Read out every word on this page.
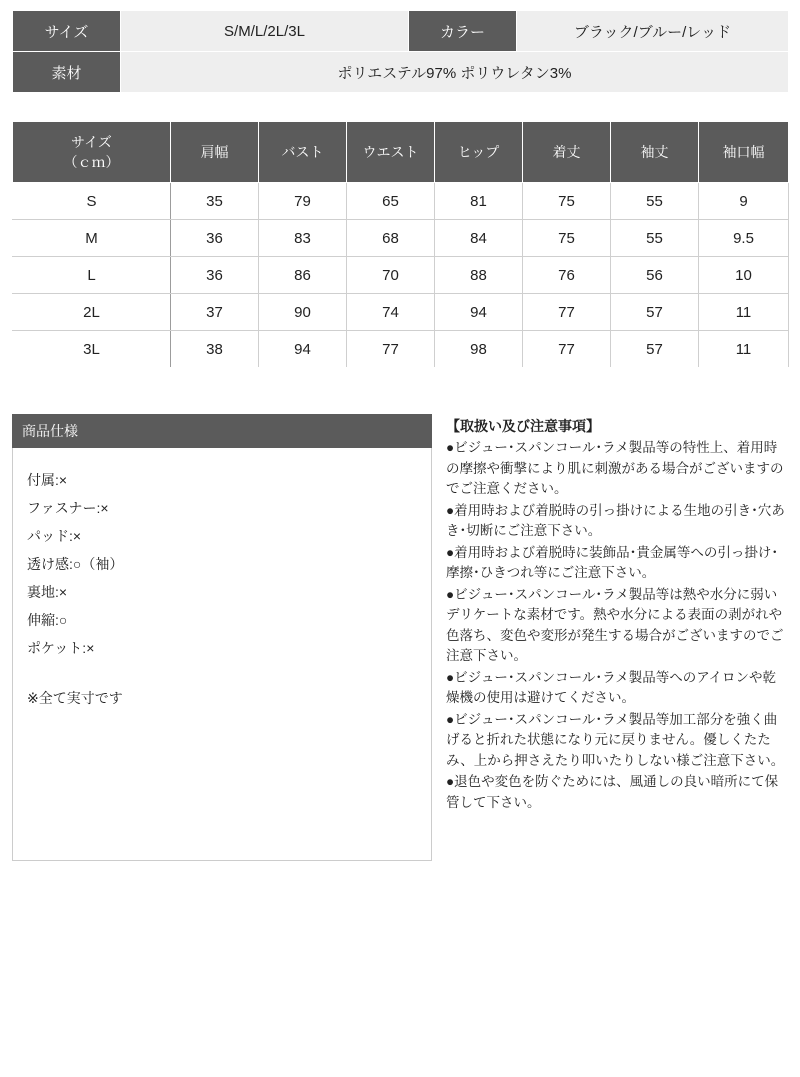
サイズ	S/M/L/2L/3L	カラー	ブラック/ブルー/レッド
素材	ポリエステル97% ポリウレタン3%		
サイズ
（ｃｍ）	肩幅	バスト	ウエスト	ヒップ	着丈	袖丈	袖口幅
S	35	79	65	81	75	55	9
M	36	83	68	84	75	55	9.5
L	36	86	70	88	76	56	10
2L	37	90	74	94	77	57	11
3L	38	94	77	98	77	57	11
商品仕様
付属:×
ファスナー:×
パッド:×
透け感:○（袖）
裏地:×
伸縮:○
ポケット:×
※全て実寸です
【取扱い及び注意事項】
●ビジュー･スパンコール･ラメ製品等の特性上、着用時の摩擦や衝撃により肌に刺激がある場合がございますのでご注意ください。
●着用時および着脱時の引っ掛けによる生地の引き･穴あき･切断にご注意下さい。
●着用時および着脱時に装飾品･貴金属等への引っ掛け･摩擦･ひきつれ等にご注意下さい。
●ビジュー･スパンコール･ラメ製品等は熱や水分に弱いデリケートな素材です。熱や水分による表面の剥がれや色落ち、変色や変形が発生する場合がございますのでご注意下さい。
●ビジュー･スパンコール･ラメ製品等へのアイロンや乾燥機の使用は避けてください。
●ビジュー･スパンコール･ラメ製品等加工部分を強く曲げると折れた状態になり元に戻りません。優しくたたみ、上から押さえたり叩いたりしない様ご注意下さい。
●退色や変色を防ぐためには、風通しの良い暗所にて保管して下さい。
